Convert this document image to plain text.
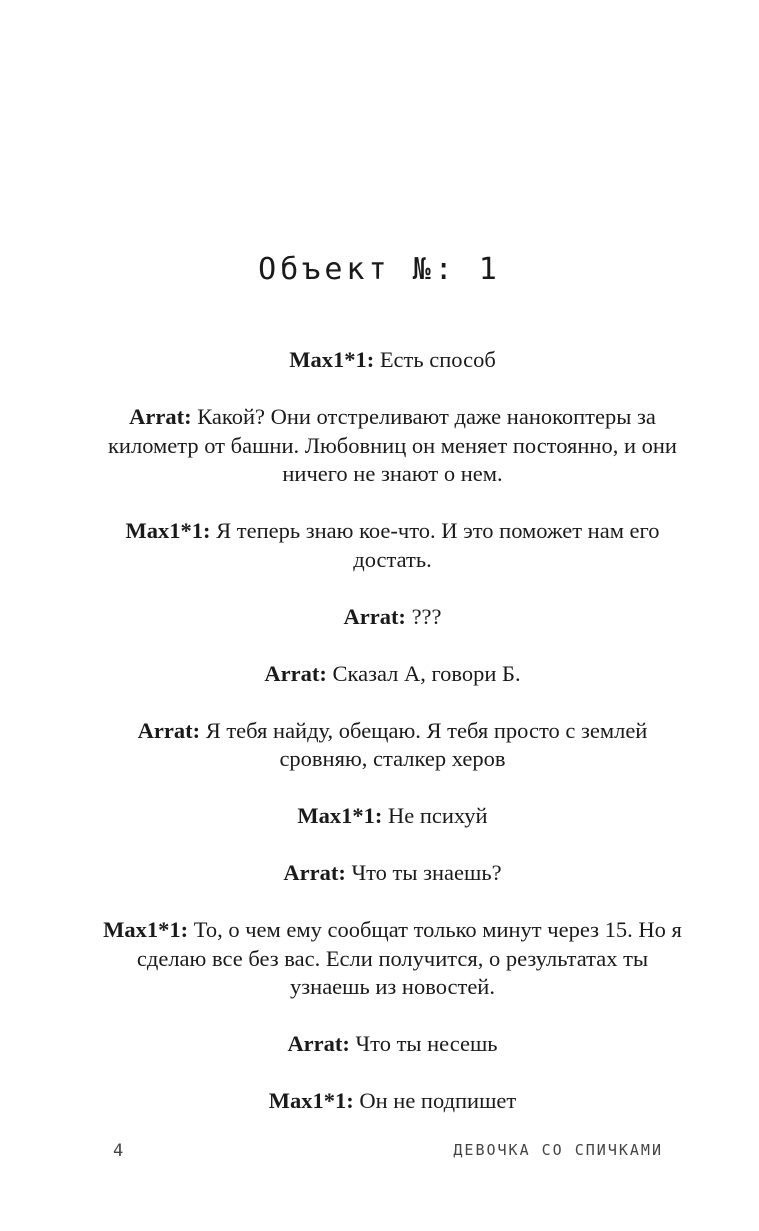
Объект №: 1

Max1*1: Есть способ

Arrat: Какой? Они отстреливают даже нанокоптеры за километр от башни. Любовниц он меняет постоянно, и они ничего не знают о нем.

Max1*1: Я теперь знаю кое-что. И это поможет нам его достать.

Arrat: ???

Arrat: Сказал А, говори Б.

Arrat: Я тебя найду, обещаю. Я тебя просто с землей сровняю, сталкер херов

Max1*1: Не психуй

Arrat: Что ты знаешь?

Max1*1: То, о чем ему сообщат только минут через 15. Но я сделаю все без вас. Если получится, о результатах ты узнаешь из новостей.

Arrat: Что ты несешь

Max1*1: Он не подпишет

4	ДЕВОЧКА СО СПИЧКАМИ
